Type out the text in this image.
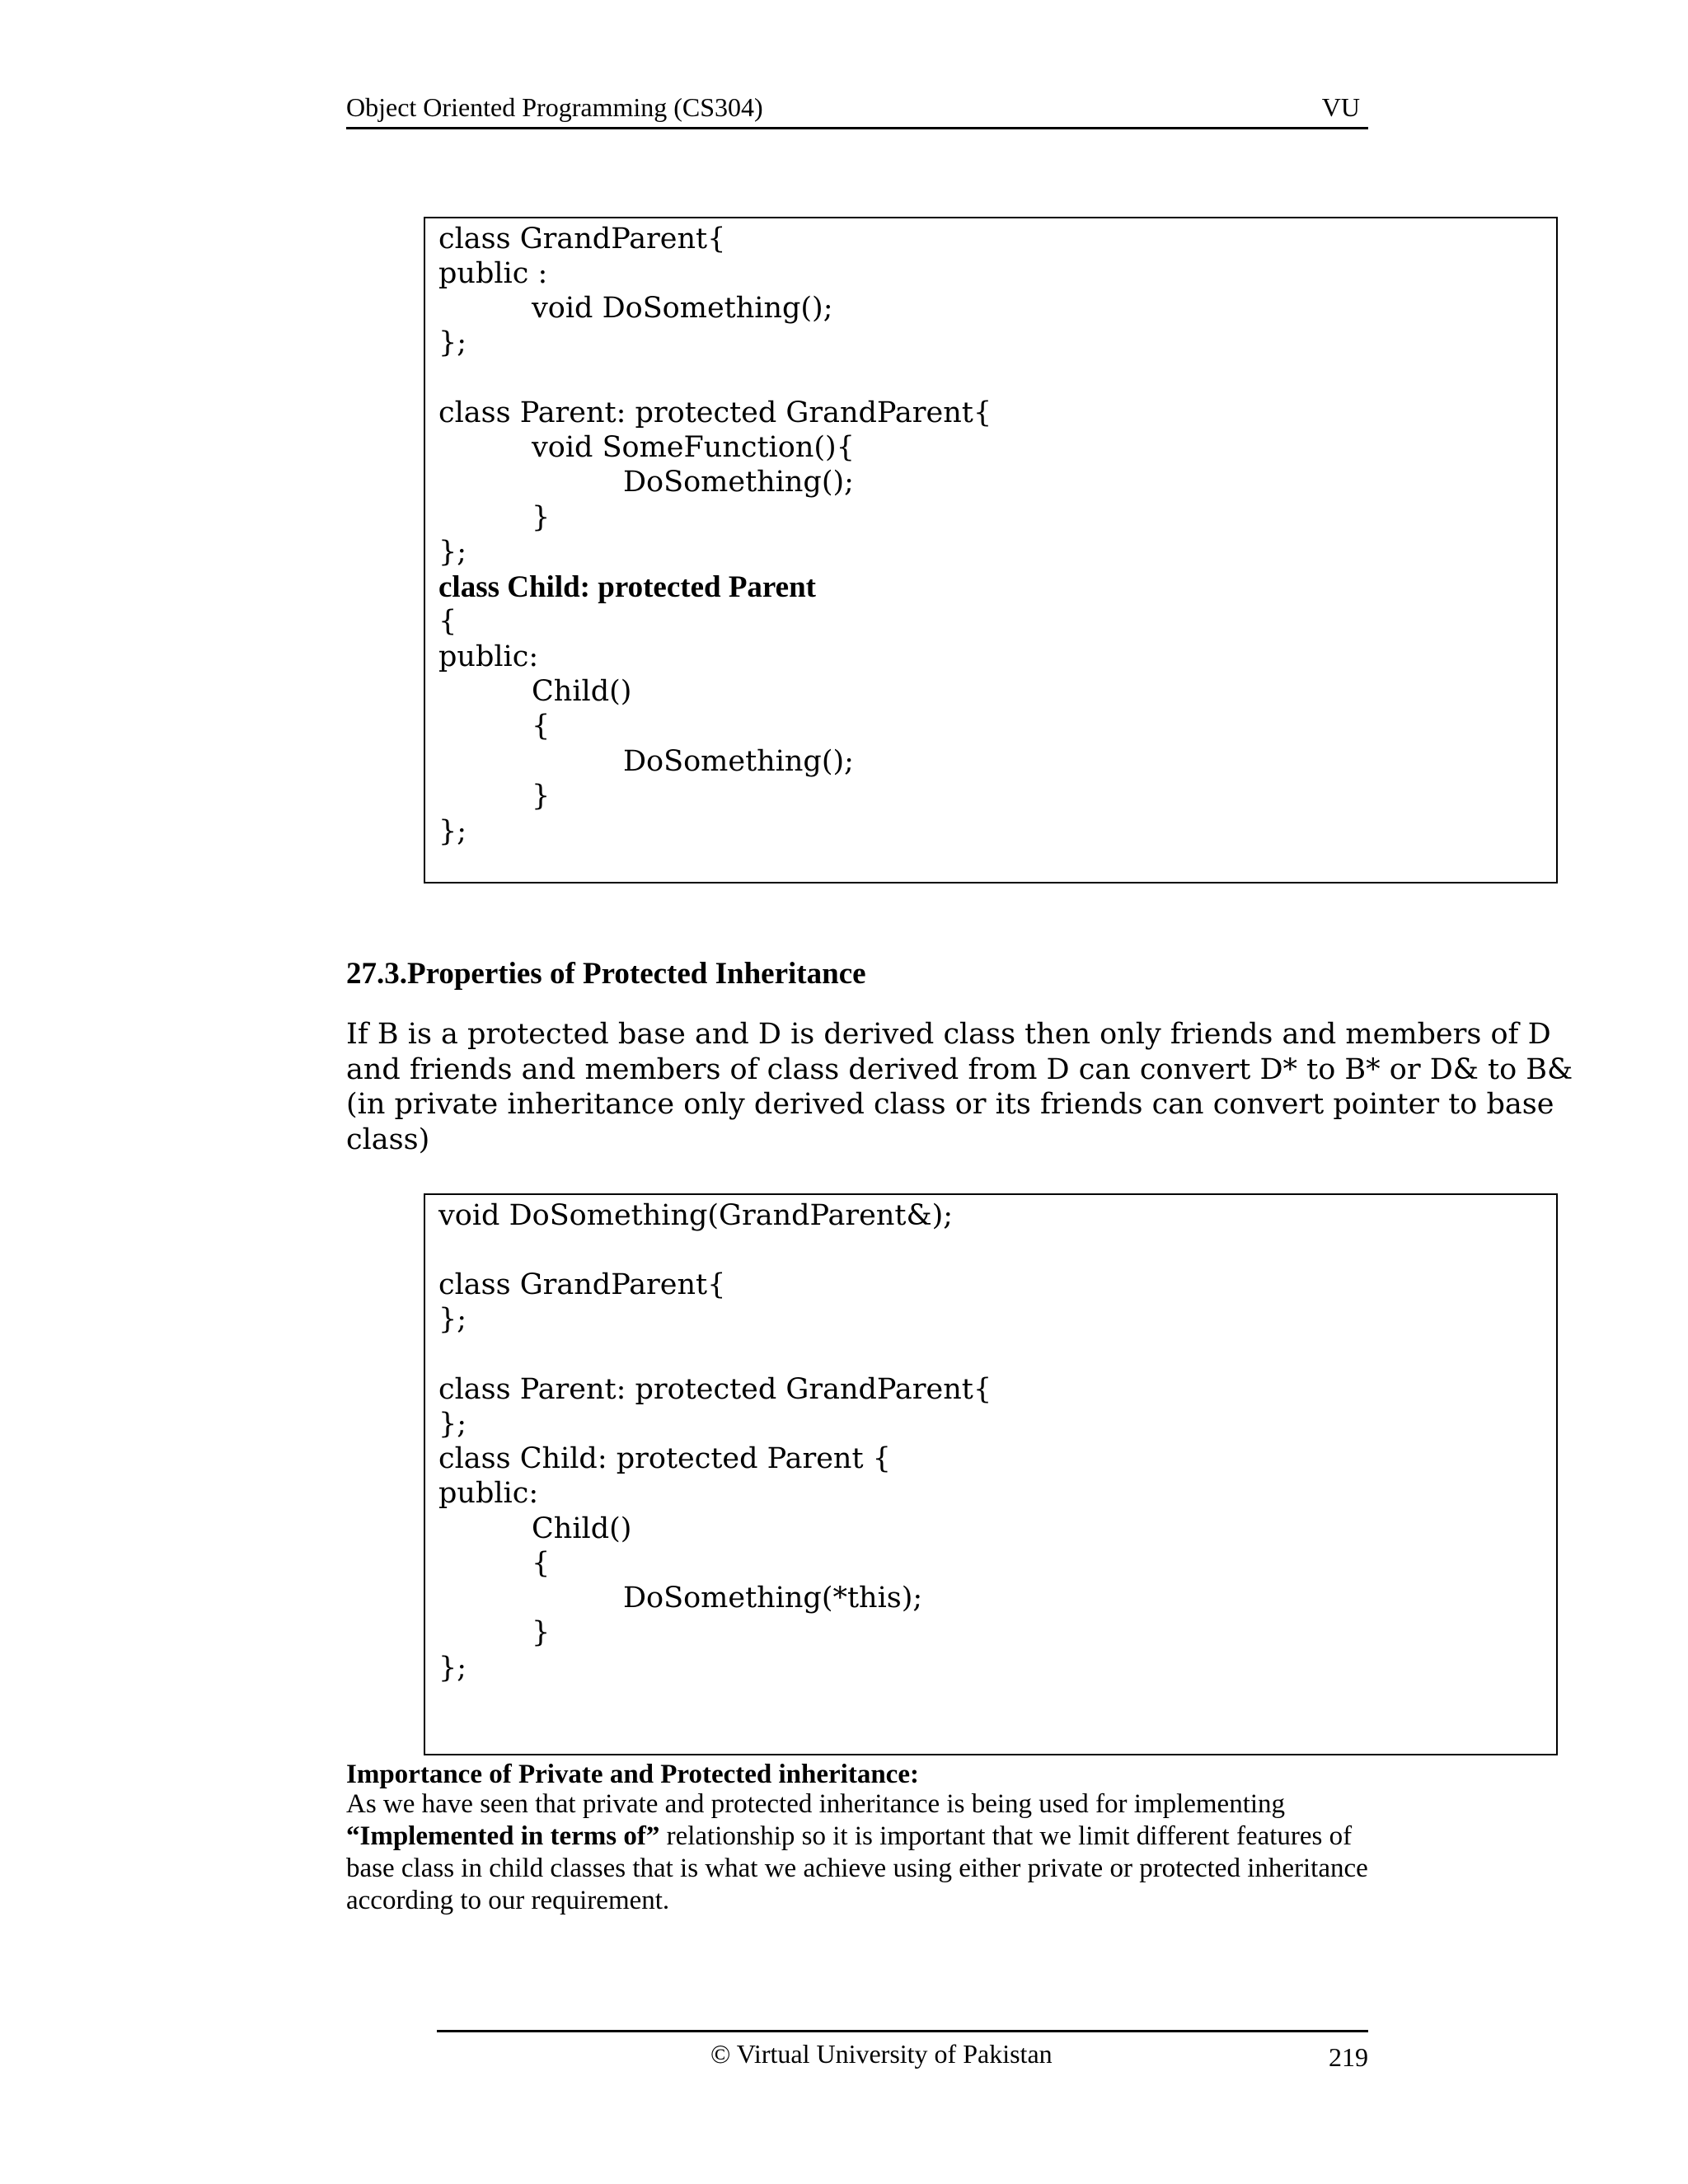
Object Oriented Programming (CS304)	VU
class GrandParent{
public :
void DoSomething();
};
class Parent: protected GrandParent{
void SomeFunction(){
DoSomething();
}
};
class Child: protected Parent
{
public:
Child()
{
DoSomething();
}
};
27.3.Properties of Protected Inheritance
If B is a protected base and D is derived class then only friends and members of D
and friends and members of class derived from D can convert D* to B* or D& to B&
(in private inheritance only derived class or its friends can convert pointer to base
class)
void DoSomething(GrandParent&);
class GrandParent{
};
class Parent: protected GrandParent{
};
class Child: protected Parent {
public:
Child()
{
DoSomething(*this);
}
};
Importance of Private and Protected inheritance:
As we have seen that private and protected inheritance is being used for implementing
“Implemented in terms of” relationship so it is important that we limit different features of
base class in child classes that is what we achieve using either private or protected inheritance
according to our requirement.
© Virtual University of Pakistan	219
